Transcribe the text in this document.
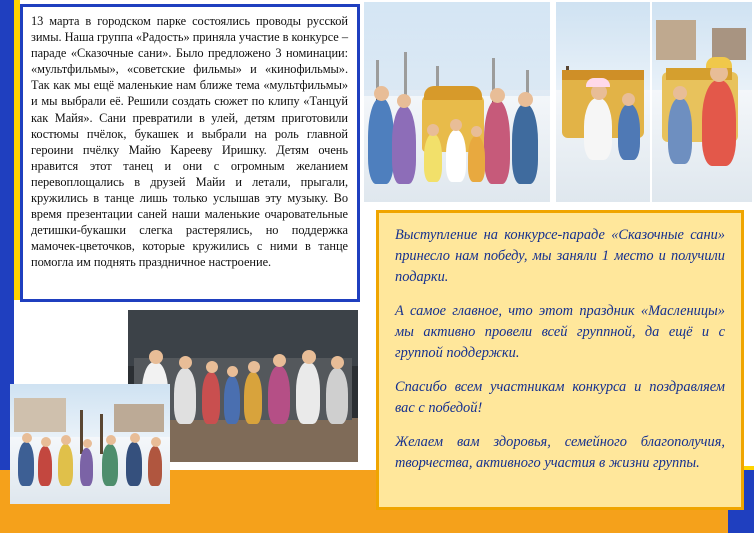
13 марта в городском парке состоялись проводы русской зимы. Наша группа «Радость» приняла участие в конкурсе – параде «Сказочные сани». Было предложено 3 номинации: «мультфильмы», «советские фильмы» и «кинофильмы». Так как мы ещё маленькие нам ближе тема «мультфильмы» и мы выбрали её. Решили создать сюжет по клипу «Танцуй как Майя». Сани превратили в улей, детям приготовили костюмы пчёлок, букашек и выбрали на роль главной героини пчёлку Майю Карееву Иришку. Детям очень нравится этот танец и они с огромным желанием перевоплощались в друзей Майи и летали, прыгали, кружились в танце лишь только услышав эту музыку. Во время презентации саней наши маленькие очаровательные детишки-букашки слегка растерялись, но поддержка мамочек-цветочков, которые кружились с ними в танце помогла им поднять праздничное настроение.

Выступление на конкурсе-параде «Сказочные сани» принесло нам победу, мы заняли 1 место и получили подарки.

А самое главное, что этот праздник «Масленицы» мы активно провели всей группной, да ещё и с группой поддержки.

Спасибо всем участникам конкурса и поздравляем вас с победой!

Желаем вам здоровья, семейного благополучия, творчества, активного участия в жизни группы.
